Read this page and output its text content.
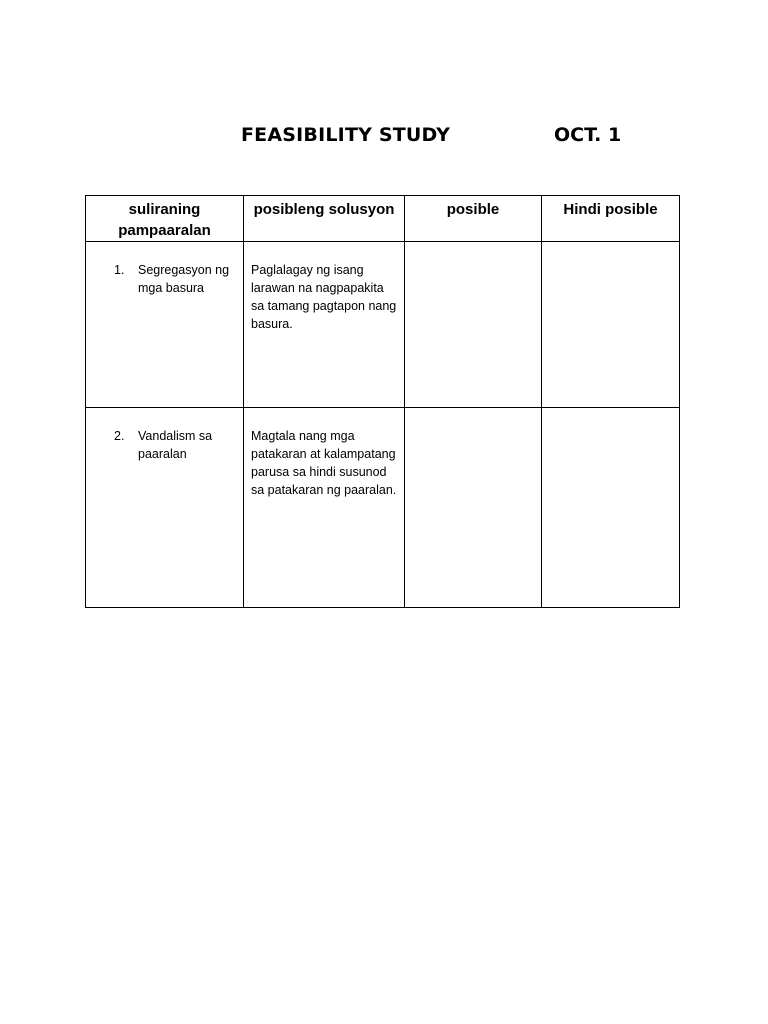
FEASIBILITY STUDY	OCT. 1
suliraning pampaaralan	posibleng solusyon	posible	Hindi posible

1. Segregasyon ng mga basura	Paglalagay ng isang larawan na nagpapakita sa tamang pagtapon nang basura.		

2. Vandalism sa paaralan	Magtala nang mga patakaran at kalampatang parusa sa hindi susunod sa patakaran ng paaralan.		
